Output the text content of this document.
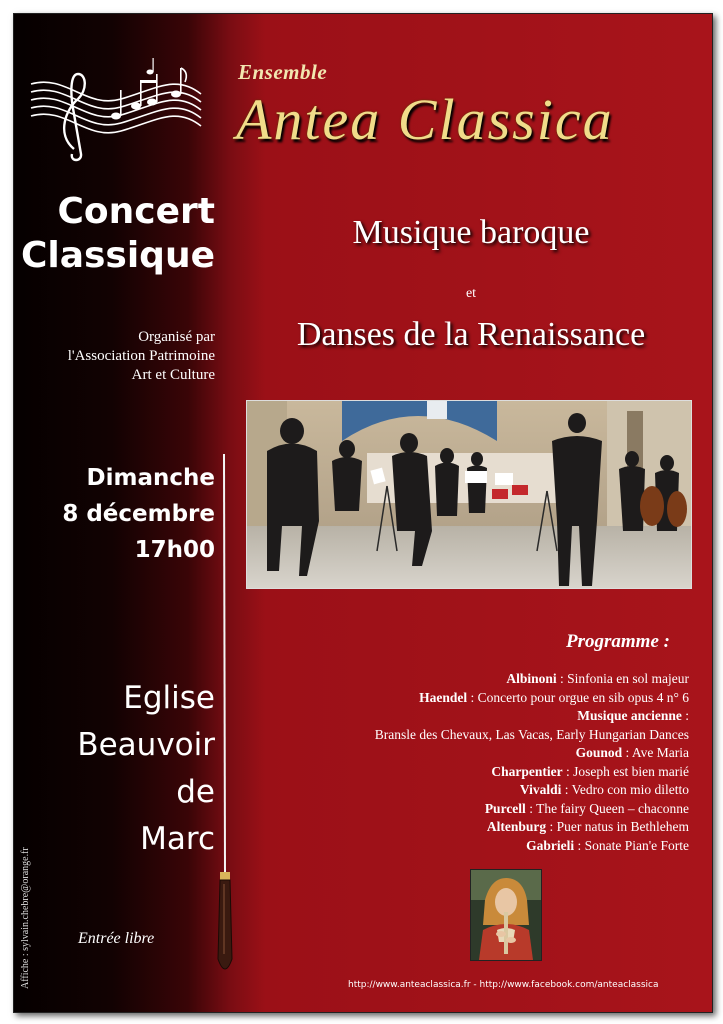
Ensemble
Antea Classica
Concert
Classique
Organisé par
l'Association Patrimoine
Art et Culture
Dimanche
8 décembre
17h00
Eglise
Beauvoir
de
Marc
Entrée libre
Affiche : sylvain.chebre@orange.fr
Musique baroque
et
Danses de la Renaissance
Programme :
Albinoni : Sinfonia en sol majeur
Haendel : Concerto pour orgue en sib opus 4 n° 6
Musique ancienne :
Bransle des Chevaux, Las Vacas, Early Hungarian Dances
Gounod : Ave Maria
Charpentier : Joseph est bien marié
Vivaldi : Vedro con mio diletto
Purcell : The fairy Queen – chaconne
Altenburg : Puer natus in Bethlehem
Gabrieli : Sonate Pian'e Forte
http://www.anteaclassica.fr - http://www.facebook.com/anteaclassica
